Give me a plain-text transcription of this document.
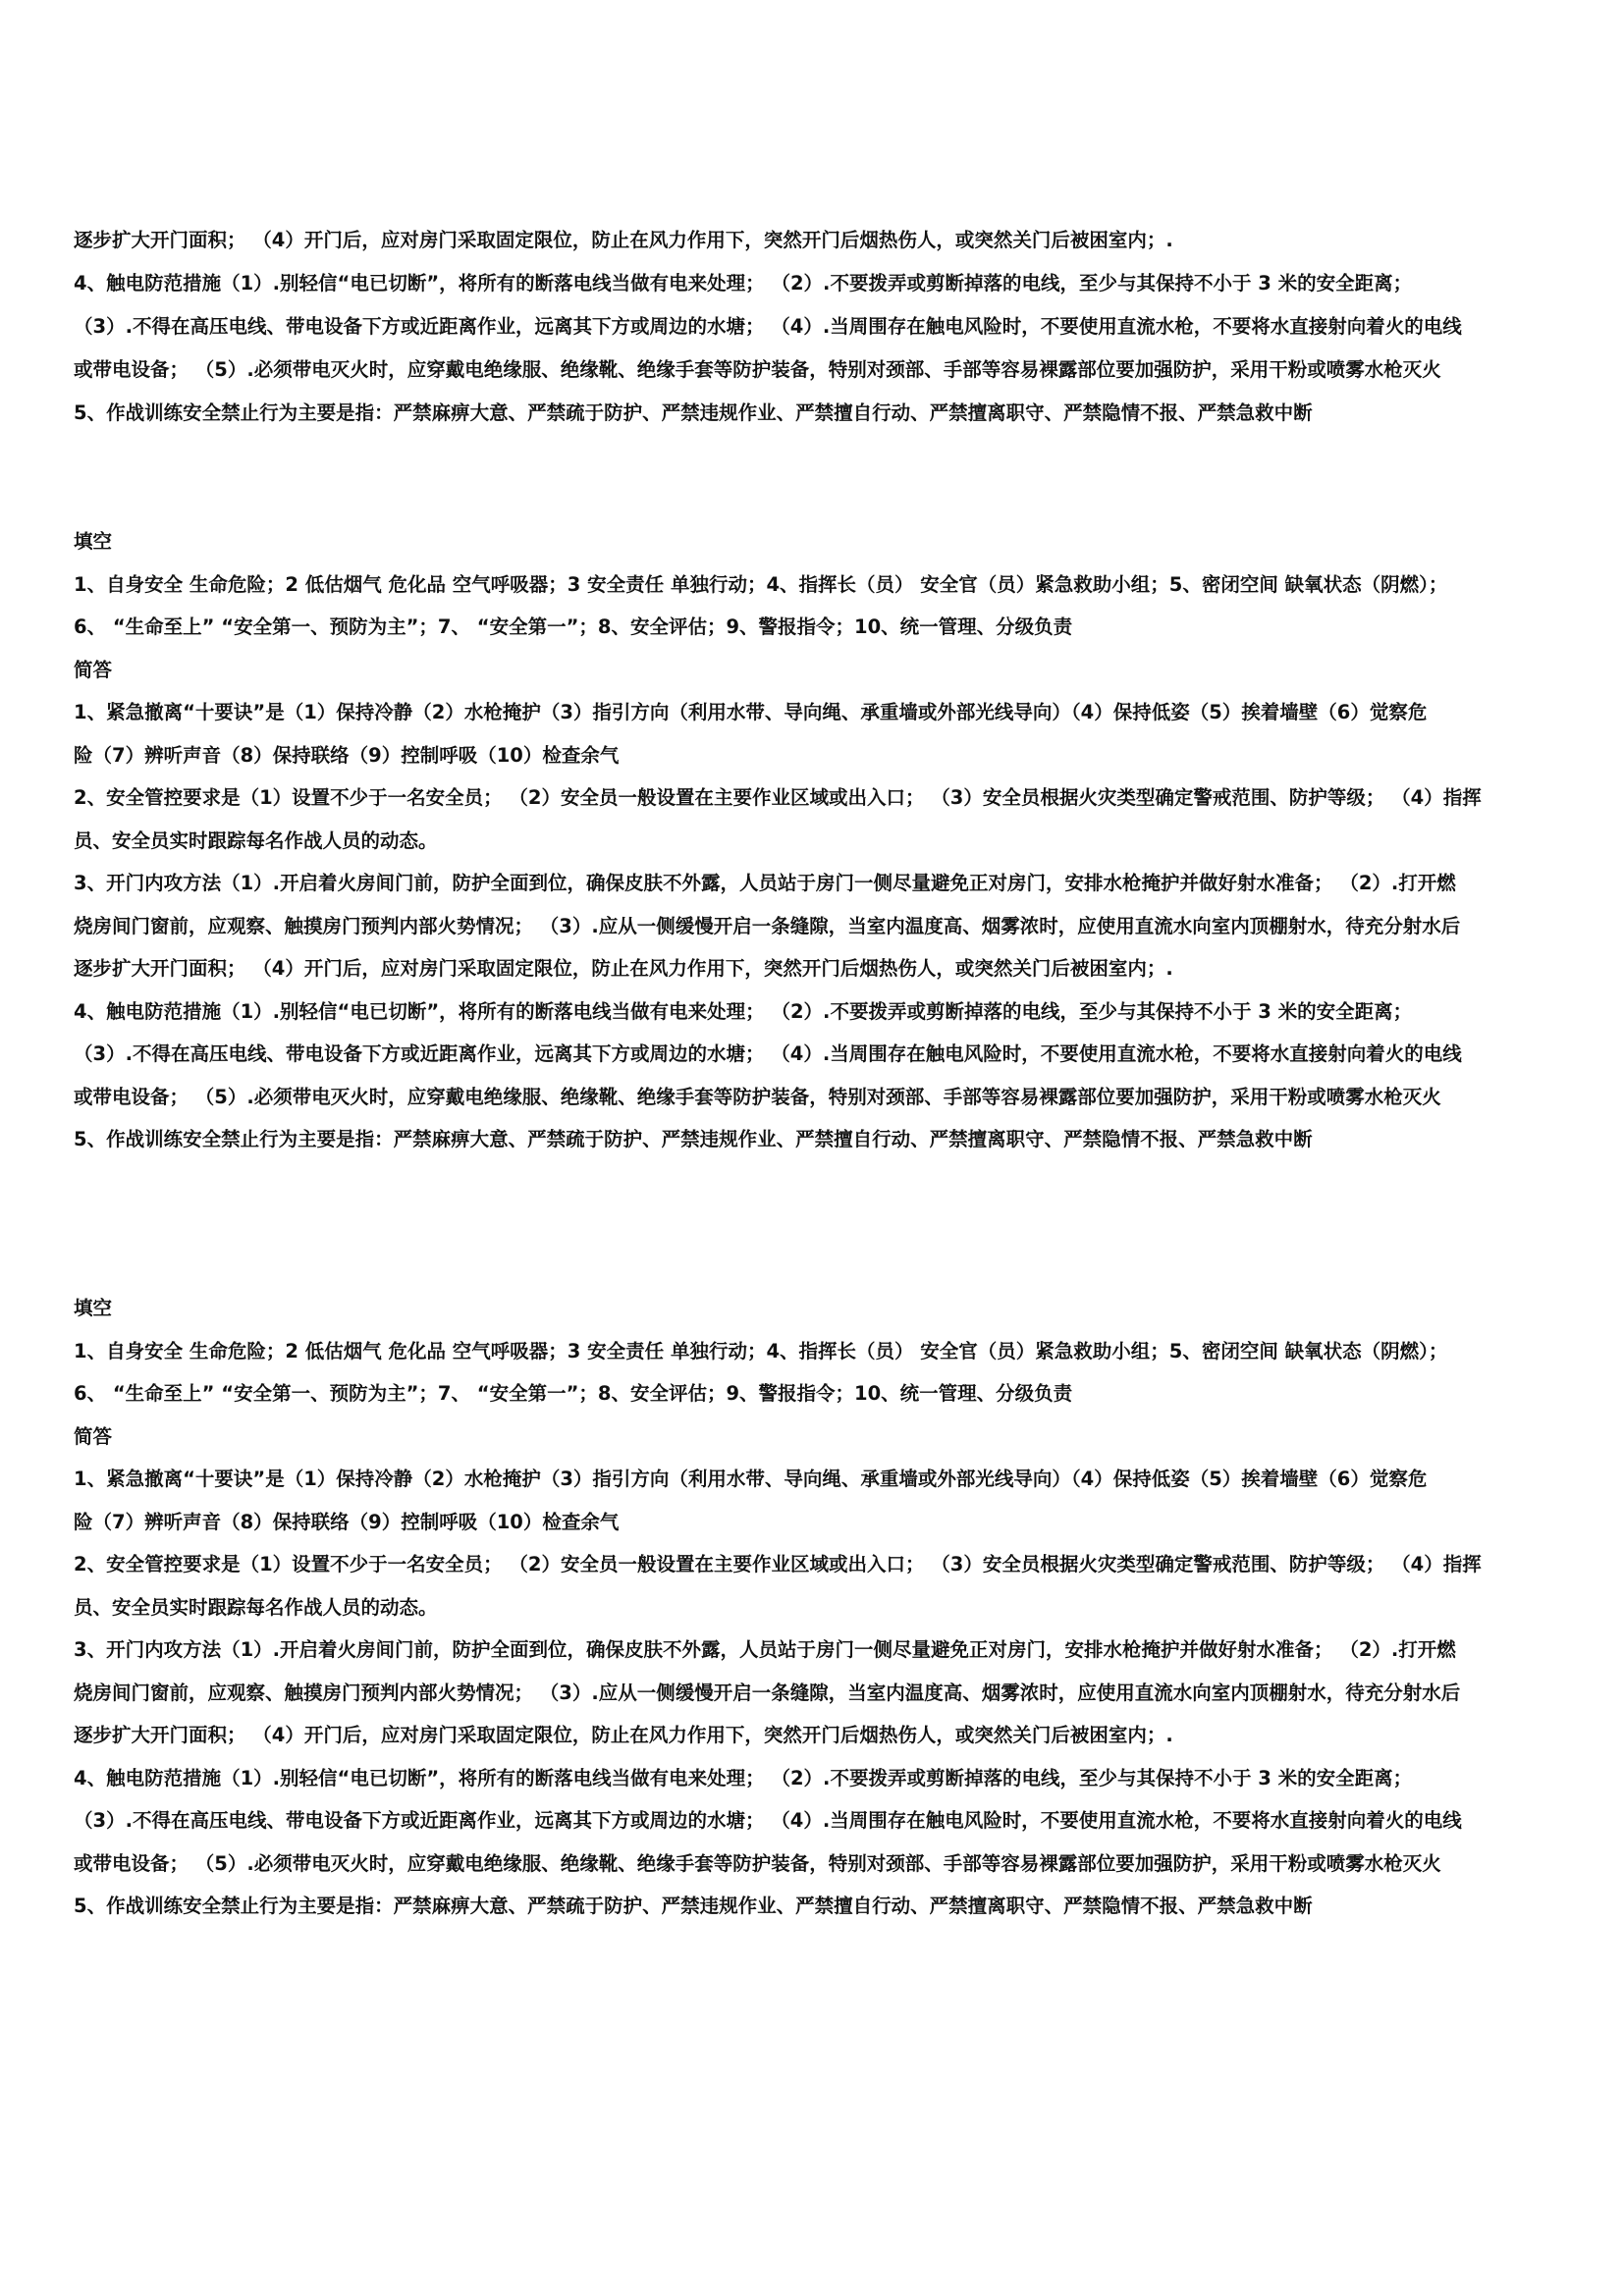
逐步扩大开门面积； （4）开门后，应对房门采取固定限位，防止在风力作用下，突然开门后烟热伤人，或突然关门后被困室内；.
4、触电防范措施（1）.别轻信“电已切断”，将所有的断落电线当做有电来处理； （2）.不要拨弄或剪断掉落的电线，至少与其保持不小于 3 米的安全距离；
（3）.不得在高压电线、带电设备下方或近距离作业，远离其下方或周边的水塘； （4）.当周围存在触电风险时，不要使用直流水枪，不要将水直接射向着火的电线
或带电设备； （5）.必须带电灭火时，应穿戴电绝缘服、绝缘靴、绝缘手套等防护装备，特别对颈部、手部等容易裸露部位要加强防护，采用干粉或喷雾水枪灭火
5、作战训练安全禁止行为主要是指：严禁麻痹大意、严禁疏于防护、严禁违规作业、严禁擅自行动、严禁擅离职守、严禁隐情不报、严禁急救中断
填空
1、自身安全 生命危险；2 低估烟气 危化品 空气呼吸器；3 安全责任 单独行动；4、指挥长（员） 安全官（员）紧急救助小组；5、密闭空间 缺氧状态（阴燃）；
6、 “生命至上” “安全第一、预防为主”；7、 “安全第一”；8、安全评估；9、警报指令；10、统一管理、分级负责
简答
1、紧急撤离“十要诀”是（1）保持冷静（2）水枪掩护（3）指引方向（利用水带、导向绳、承重墙或外部光线导向）（4）保持低姿（5）挨着墙壁（6）觉察危
险（7）辨听声音（8）保持联络（9）控制呼吸（10）检查余气
2、安全管控要求是（1）设置不少于一名安全员； （2）安全员一般设置在主要作业区域或出入口； （3）安全员根据火灾类型确定警戒范围、防护等级； （4）指挥
员、安全员实时跟踪每名作战人员的动态。
3、开门内攻方法（1）.开启着火房间门前，防护全面到位，确保皮肤不外露，人员站于房门一侧尽量避免正对房门，安排水枪掩护并做好射水准备； （2）.打开燃
烧房间门窗前，应观察、触摸房门预判内部火势情况； （3）.应从一侧缓慢开启一条缝隙，当室内温度高、烟雾浓时，应使用直流水向室内顶棚射水，待充分射水后
逐步扩大开门面积； （4）开门后，应对房门采取固定限位，防止在风力作用下，突然开门后烟热伤人，或突然关门后被困室内；.
4、触电防范措施（1）.别轻信“电已切断”，将所有的断落电线当做有电来处理； （2）.不要拨弄或剪断掉落的电线，至少与其保持不小于 3 米的安全距离；
（3）.不得在高压电线、带电设备下方或近距离作业，远离其下方或周边的水塘； （4）.当周围存在触电风险时，不要使用直流水枪，不要将水直接射向着火的电线
或带电设备； （5）.必须带电灭火时，应穿戴电绝缘服、绝缘靴、绝缘手套等防护装备，特别对颈部、手部等容易裸露部位要加强防护，采用干粉或喷雾水枪灭火
5、作战训练安全禁止行为主要是指：严禁麻痹大意、严禁疏于防护、严禁违规作业、严禁擅自行动、严禁擅离职守、严禁隐情不报、严禁急救中断
填空
1、自身安全 生命危险；2 低估烟气 危化品 空气呼吸器；3 安全责任 单独行动；4、指挥长（员） 安全官（员）紧急救助小组；5、密闭空间 缺氧状态（阴燃）；
6、 “生命至上” “安全第一、预防为主”；7、 “安全第一”；8、安全评估；9、警报指令；10、统一管理、分级负责
简答
1、紧急撤离“十要诀”是（1）保持冷静（2）水枪掩护（3）指引方向（利用水带、导向绳、承重墙或外部光线导向）（4）保持低姿（5）挨着墙壁（6）觉察危
险（7）辨听声音（8）保持联络（9）控制呼吸（10）检查余气
2、安全管控要求是（1）设置不少于一名安全员； （2）安全员一般设置在主要作业区域或出入口； （3）安全员根据火灾类型确定警戒范围、防护等级； （4）指挥
员、安全员实时跟踪每名作战人员的动态。
3、开门内攻方法（1）.开启着火房间门前，防护全面到位，确保皮肤不外露，人员站于房门一侧尽量避免正对房门，安排水枪掩护并做好射水准备； （2）.打开燃
烧房间门窗前，应观察、触摸房门预判内部火势情况； （3）.应从一侧缓慢开启一条缝隙，当室内温度高、烟雾浓时，应使用直流水向室内顶棚射水，待充分射水后
逐步扩大开门面积； （4）开门后，应对房门采取固定限位，防止在风力作用下，突然开门后烟热伤人，或突然关门后被困室内；.
4、触电防范措施（1）.别轻信“电已切断”，将所有的断落电线当做有电来处理； （2）.不要拨弄或剪断掉落的电线，至少与其保持不小于 3 米的安全距离；
（3）.不得在高压电线、带电设备下方或近距离作业，远离其下方或周边的水塘； （4）.当周围存在触电风险时，不要使用直流水枪，不要将水直接射向着火的电线
或带电设备； （5）.必须带电灭火时，应穿戴电绝缘服、绝缘靴、绝缘手套等防护装备，特别对颈部、手部等容易裸露部位要加强防护，采用干粉或喷雾水枪灭火
5、作战训练安全禁止行为主要是指：严禁麻痹大意、严禁疏于防护、严禁违规作业、严禁擅自行动、严禁擅离职守、严禁隐情不报、严禁急救中断
